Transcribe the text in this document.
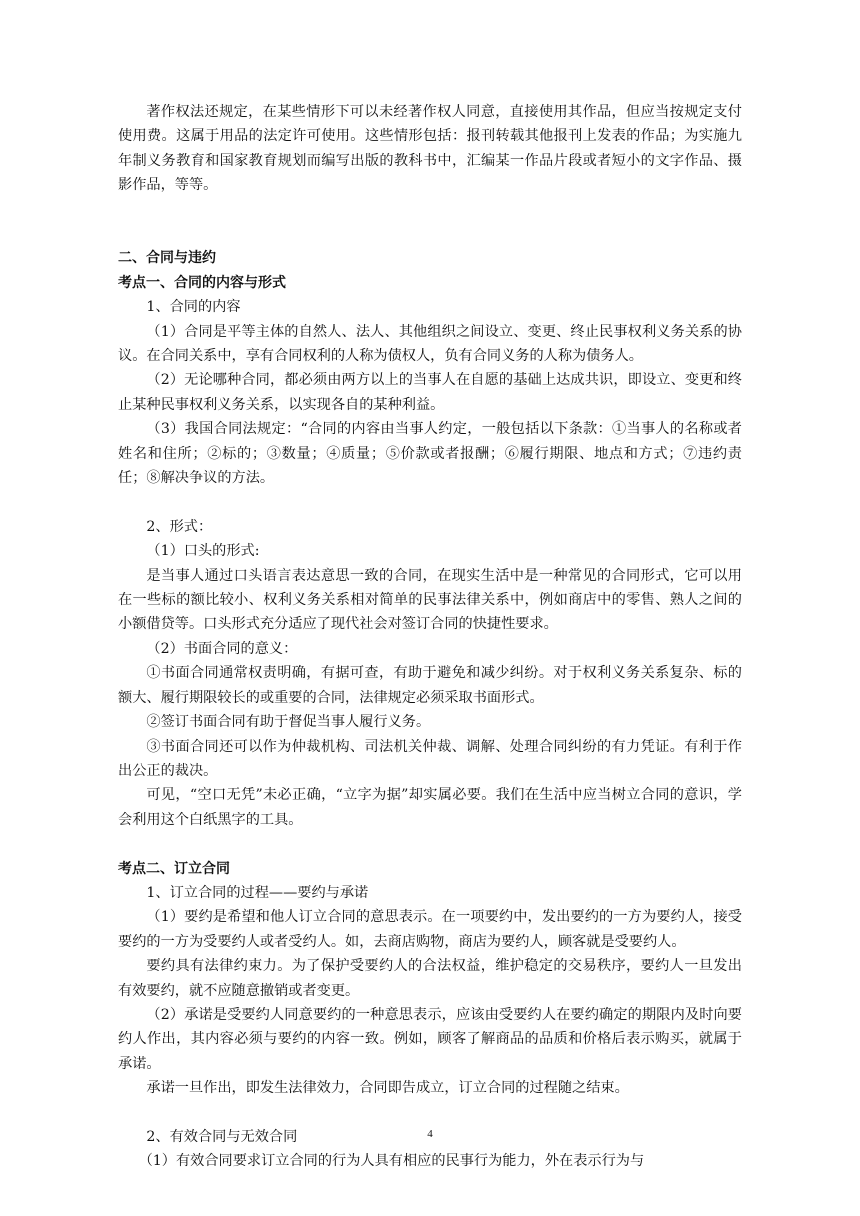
著作权法还规定，在某些情形下可以未经著作权人同意，直接使用其作品，但应当按规定支付使用费。这属于用品的法定许可使用。这些情形包括：报刊转载其他报刊上发表的作品；为实施九年制义务教育和国家教育规划而编写出版的教科书中，汇编某一作品片段或者短小的文字作品、摄影作品，等等。

二、合同与违约

考点一、合同的内容与形式

1、合同的内容

（1）合同是平等主体的自然人、法人、其他组织之间设立、变更、终止民事权利义务关系的协议。在合同关系中，享有合同权利的人称为债权人，负有合同义务的人称为债务人。

（2）无论哪种合同，都必须由两方以上的当事人在自愿的基础上达成共识，即设立、变更和终止某种民事权利义务关系，以实现各自的某种利益。

（3）我国合同法规定：“合同的内容由当事人约定，一般包括以下条款：①当事人的名称或者姓名和住所；②标的；③数量；④质量；⑤价款或者报酬；⑥履行期限、地点和方式；⑦违约责任；⑧解决争议的方法。

2、形式：

（1）口头的形式:

是当事人通过口头语言表达意思一致的合同，在现实生活中是一种常见的合同形式，它可以用在一些标的额比较小、权利义务关系相对简单的民事法律关系中，例如商店中的零售、熟人之间的小额借贷等。口头形式充分适应了现代社会对签订合同的快捷性要求。

（2）书面合同的意义：

①书面合同通常权责明确，有据可查，有助于避免和减少纠纷。对于权利义务关系复杂、标的额大、履行期限较长的或重要的合同，法律规定必须采取书面形式。

②签订书面合同有助于督促当事人履行义务。

③书面合同还可以作为仲裁机构、司法机关仲裁、调解、处理合同纠纷的有力凭证。有利于作出公正的裁决。

可见，“空口无凭”未必正确，“立字为据”却实属必要。我们在生活中应当树立合同的意识，学会利用这个白纸黑字的工具。

考点二、订立合同

1、订立合同的过程——要约与承诺

（1）要约是希望和他人订立合同的意思表示。在一项要约中，发出要约的一方为要约人，接受要约的一方为受要约人或者受约人。如，去商店购物，商店为要约人，顾客就是受要约人。

要约具有法律约束力。为了保护受要约人的合法权益，维护稳定的交易秩序，要约人一旦发出有效要约，就不应随意撤销或者变更。

（2）承诺是受要约人同意要约的一种意思表示，应该由受要约人在要约确定的期限内及时向要约人作出，其内容必须与要约的内容一致。例如，顾客了解商品的品质和价格后表示购买，就属于承诺。

承诺一旦作出，即发生法律效力，合同即告成立，订立合同的过程随之结束。

2、有效合同与无效合同

（1）有效合同要求订立合同的行为人具有相应的民事行为能力，外在表示行为与

4
